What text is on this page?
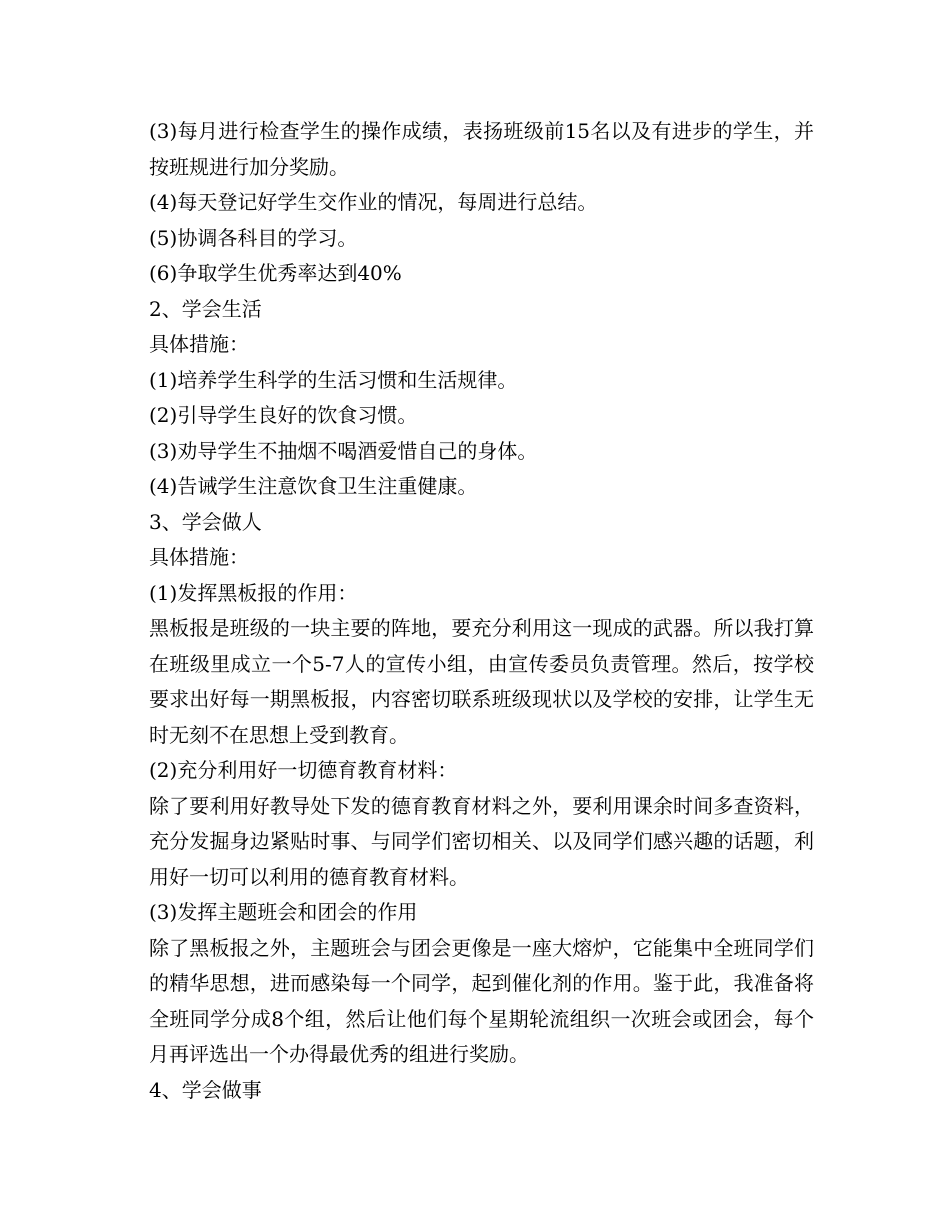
(3)每月进行检查学生的操作成绩，表扬班级前15名以及有进步的学生，并按班规进行加分奖励。

(4)每天登记好学生交作业的情况，每周进行总结。

(5)协调各科目的学习。

(6)争取学生优秀率达到40%

2、学会生活

具体措施：

(1)培养学生科学的生活习惯和生活规律。

(2)引导学生良好的饮食习惯。

(3)劝导学生不抽烟不喝酒爱惜自己的身体。

(4)告诫学生注意饮食卫生注重健康。

3、学会做人

具体措施：

(1)发挥黑板报的作用：

黑板报是班级的一块主要的阵地，要充分利用这一现成的武器。所以我打算在班级里成立一个5-7人的宣传小组，由宣传委员负责管理。然后，按学校要求出好每一期黑板报，内容密切联系班级现状以及学校的安排，让学生无时无刻不在思想上受到教育。

(2)充分利用好一切德育教育材料：

除了要利用好教导处下发的德育教育材料之外，要利用课余时间多查资料，充分发掘身边紧贴时事、与同学们密切相关、以及同学们感兴趣的话题，利用好一切可以利用的德育教育材料。

(3)发挥主题班会和团会的作用

除了黑板报之外，主题班会与团会更像是一座大熔炉，它能集中全班同学们的精华思想，进而感染每一个同学，起到催化剂的作用。鉴于此，我准备将全班同学分成8个组，然后让他们每个星期轮流组织一次班会或团会，每个月再评选出一个办得最优秀的组进行奖励。

4、学会做事
